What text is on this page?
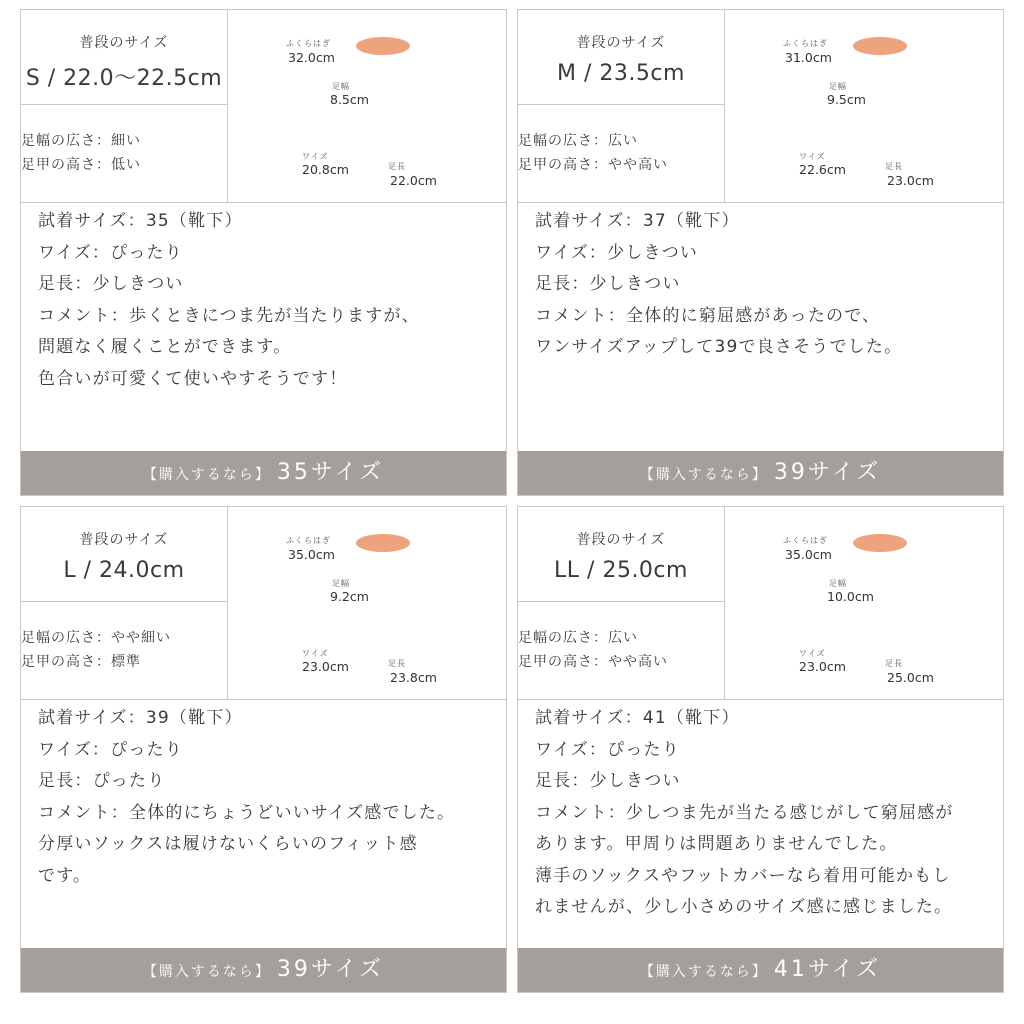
普段のサイズ
S / 22.0〜22.5cm
足幅の広さ：細い
足甲の高さ：低い
ふくらはぎ
32.0cm
足幅
8.5cm
ワイズ
20.8cm	足長
22.0cm
試着サイズ：35（靴下）
ワイズ：ぴったり
足長：少しきつい
コメント：歩くときにつま先が当たりますが、
問題なく履くことができます。
色合いが可愛くて使いやすそうです！
【購入するなら】 35サイズ
普段のサイズ
M / 23.5cm
足幅の広さ：広い
足甲の高さ：やや高い
ふくらはぎ
31.0cm
足幅
9.5cm
ワイズ
22.6cm	足長
23.0cm
試着サイズ：37（靴下）
ワイズ：少しきつい
足長：少しきつい
コメント：全体的に窮屈感があったので、
ワンサイズアップして39で良さそうでした。
【購入するなら】 39サイズ
普段のサイズ
L / 24.0cm
足幅の広さ：やや細い
足甲の高さ：標準
ふくらはぎ
35.0cm
足幅
9.2cm
ワイズ
23.0cm	足長
23.8cm
試着サイズ：39（靴下）
ワイズ：ぴったり
足長：ぴったり
コメント：全体的にちょうどいいサイズ感でした。
分厚いソックスは履けないくらいのフィット感
です。
【購入するなら】 39サイズ
普段のサイズ
LL / 25.0cm
足幅の広さ：広い
足甲の高さ：やや高い
ふくらはぎ
35.0cm
足幅
10.0cm
ワイズ
23.0cm	足長
25.0cm
試着サイズ：41（靴下）
ワイズ：ぴったり
足長：少しきつい
コメント：少しつま先が当たる感じがして窮屈感が
あります。甲周りは問題ありませんでした。
薄手のソックスやフットカバーなら着用可能かもし
れませんが、少し小さめのサイズ感に感じました。
【購入するなら】 41サイズ
